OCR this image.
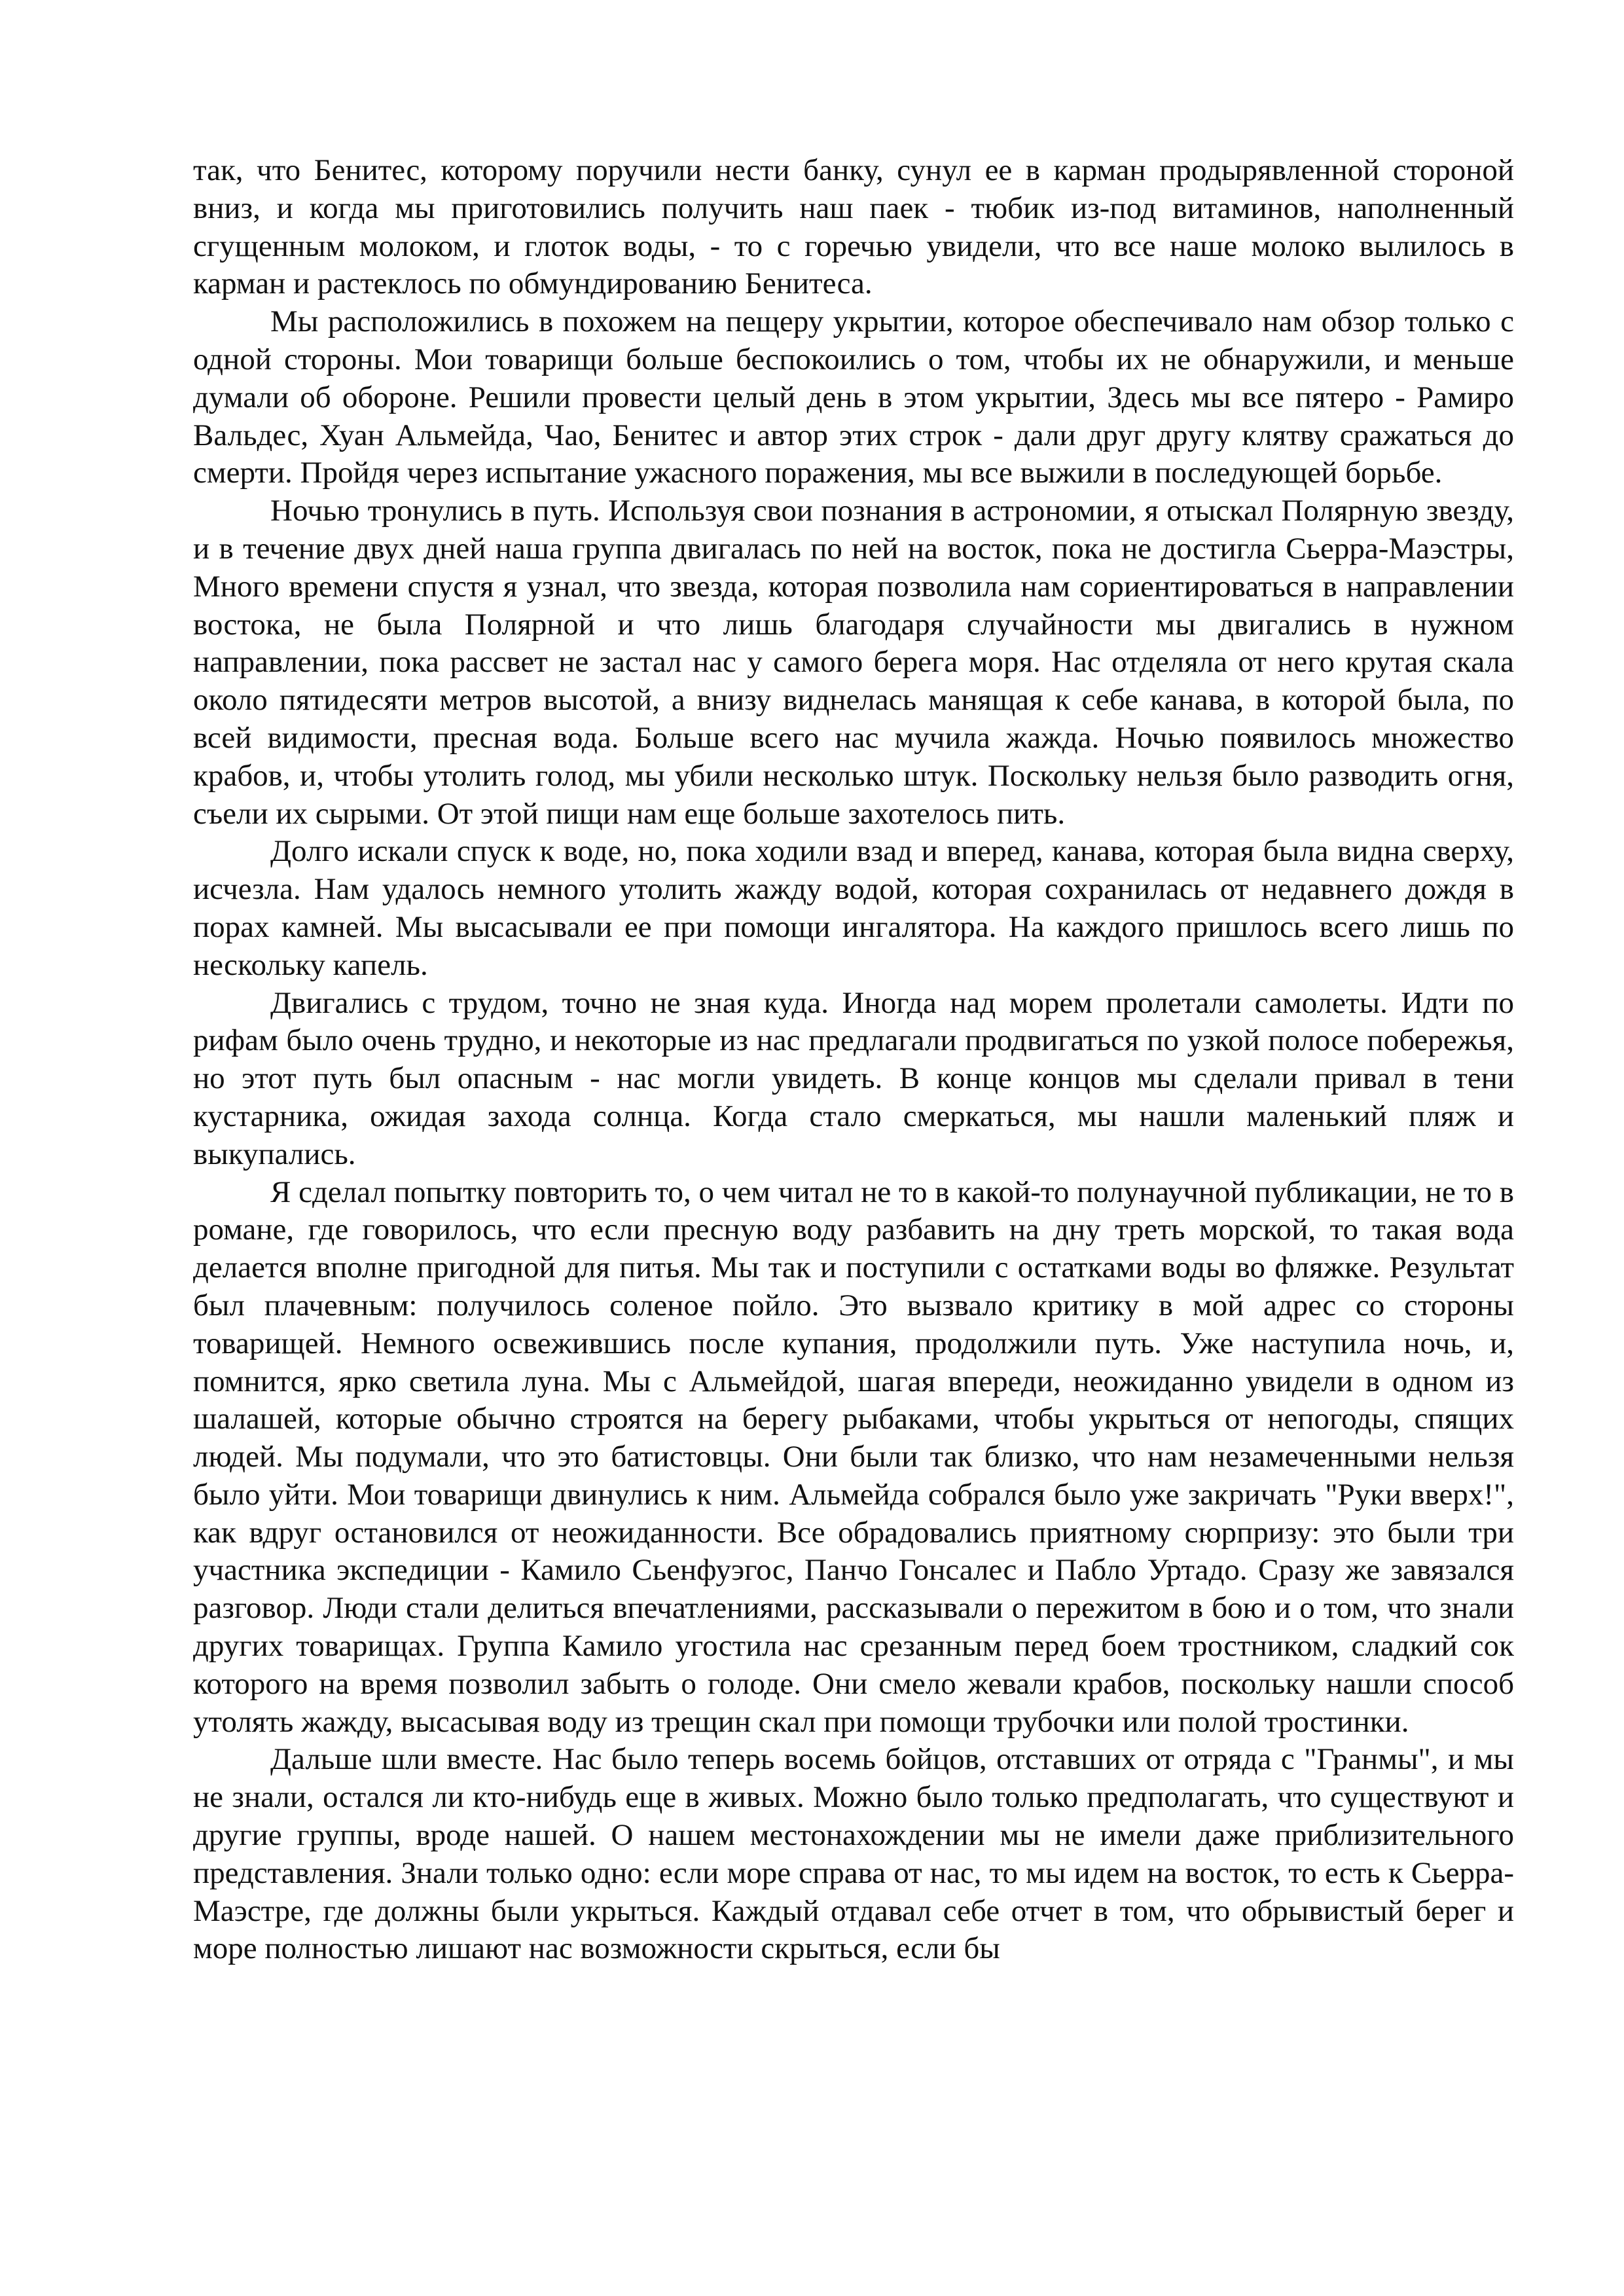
так, что Бенитес, которому поручили нести банку, сунул ее в карман продырявленной стороной вниз, и когда мы приготовились получить наш паек - тюбик из-под витаминов, наполненный сгущенным молоком, и глоток воды, - то с горечью увидели, что все наше молоко вылилось в карман и растеклось по обмундированию Бенитеса.

Мы расположились в похожем на пещеру укрытии, которое обеспечивало нам обзор только с одной стороны. Мои товарищи больше беспокоились о том, чтобы их не обнаружили, и меньше думали об обороне. Решили провести целый день в этом укрытии, Здесь мы все пятеро - Рамиро Вальдес, Хуан Альмейда, Чао, Бенитес и автор этих строк - дали друг другу клятву сражаться до смерти. Пройдя через испытание ужасного поражения, мы все выжили в последующей борьбе.

Ночью тронулись в путь. Используя свои познания в астрономии, я отыскал Полярную звезду, и в течение двух дней наша группа двигалась по ней на восток, пока не достигла Сьерра-Маэстры, Много времени спустя я узнал, что звезда, которая позволила нам сориентироваться в направлении востока, не была Полярной и что лишь благодаря случайности мы двигались в нужном направлении, пока рассвет не застал нас у самого берега моря. Нас отделяла от него крутая скала около пятидесяти метров высотой, а внизу виднелась манящая к себе канава, в которой была, по всей видимости, пресная вода. Больше всего нас мучила жажда. Ночью появилось множество крабов, и, чтобы утолить голод, мы убили несколько штук. Поскольку нельзя было разводить огня, съели их сырыми. От этой пищи нам еще больше захотелось пить.

Долго искали спуск к воде, но, пока ходили взад и вперед, канава, которая была видна сверху, исчезла. Нам удалось немного утолить жажду водой, которая сохранилась от недавнего дождя в порах камней. Мы высасывали ее при помощи ингалятора. На каждого пришлось всего лишь по нескольку капель.

Двигались с трудом, точно не зная куда. Иногда над морем пролетали самолеты. Идти по рифам было очень трудно, и некоторые из нас предлагали продвигаться по узкой полосе побережья, но этот путь был опасным - нас могли увидеть. В конце концов мы сделали привал в тени кустарника, ожидая захода солнца. Когда стало смеркаться, мы нашли маленький пляж и выкупались.

Я сделал попытку повторить то, о чем читал не то в какой-то полунаучной публикации, не то в романе, где говорилось, что если пресную воду разбавить на дну треть морской, то такая вода делается вполне пригодной для питья. Мы так и поступили с остатками воды во фляжке. Результат был плачевным: получилось соленое пойло. Это вызвало критику в мой адрес со стороны товарищей. Немного освежившись после купания, продолжили путь. Уже наступила ночь, и, помнится, ярко светила луна. Мы с Альмейдой, шагая впереди, неожиданно увидели в одном из шалашей, которые обычно строятся на берегу рыбаками, чтобы укрыться от непогоды, спящих людей. Мы подумали, что это батистовцы. Они были так близко, что нам незамеченными нельзя было уйти. Мои товарищи двинулись к ним. Альмейда собрался было уже закричать "Руки вверх!", как вдруг остановился от неожиданности. Все обрадовались приятному сюрпризу: это были три участника экспедиции - Камило Сьенфуэгос, Панчо Гонсалес и Пабло Уртадо. Сразу же завязался разговор. Люди стали делиться впечатлениями, рассказывали о пережитом в бою и о том, что знали других товарищах. Группа Камило угостила нас срезанным перед боем тростником, сладкий сок которого на время позволил забыть о голоде. Они смело жевали крабов, поскольку нашли способ утолять жажду, высасывая воду из трещин скал при помощи трубочки или полой тростинки.

Дальше шли вместе. Нас было теперь восемь бойцов, отставших от отряда с "Гранмы", и мы не знали, остался ли кто-нибудь еще в живых. Можно было только предполагать, что существуют и другие группы, вроде нашей. О нашем местонахождении мы не имели даже приблизительного представления. Знали только одно: если море справа от нас, то мы идем на восток, то есть к Сьерра-Маэстре, где должны были укрыться. Каждый отдавал себе отчет в том, что обрывистый берег и море полностью лишают нас возможности скрыться, если бы
